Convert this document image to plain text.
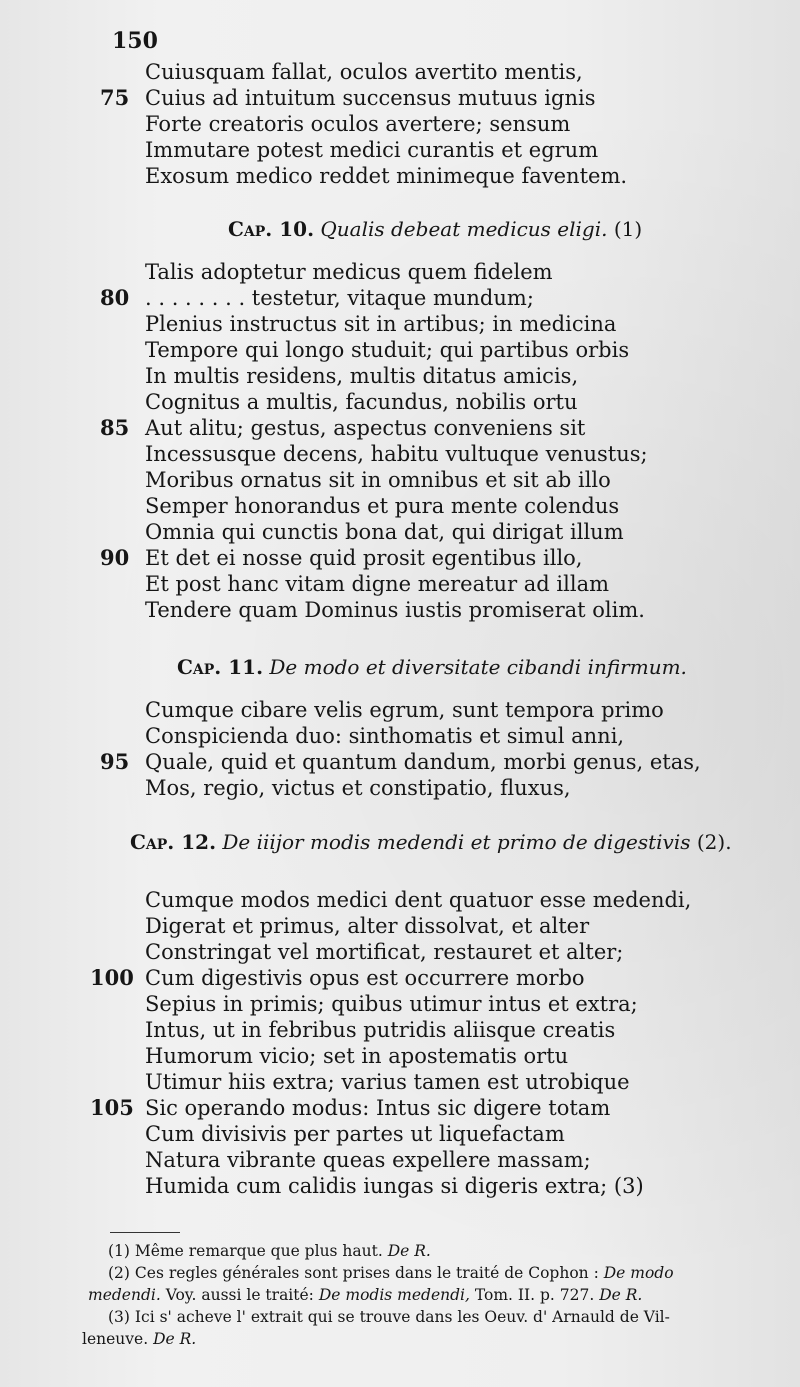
150
Cuiusquam fallat, oculos avertito mentis,
75 Cuius ad intuitum succensus mutuus ignis
Forte creatoris oculos avertere; sensum
Immutare potest medici curantis et egrum
Exosum medico reddet minimeque faventem.
Cap. 10. Qualis debeat medicus eligi. (1)
Talis adoptetur medicus quem fidelem
80 . . . . . . . . testetur, vitaque mundum;
Plenius instructus sit in artibus; in medicina
Tempore qui longo studuit; qui partibus orbis
In multis residens, multis ditatus amicis,
Cognitus a multis, facundus, nobilis ortu
85 Aut alitu; gestus, aspectus conveniens sit
Incessusque decens, habitu vultuque venustus;
Moribus ornatus sit in omnibus et sit ab illo
Semper honorandus et pura mente colendus
Omnia qui cunctis bona dat, qui dirigat illum
90 Et det ei nosse quid prosit egentibus illo,
Et post hanc vitam digne mereatur ad illam
Tendere quam Dominus iustis promiserat olim.
Cap. 11. De modo et diversitate cibandi infirmum.
Cumque cibare velis egrum, sunt tempora primo
Conspicienda duo: sinthomatis et simul anni,
95 Quale, quid et quantum dandum, morbi genus, etas,
Mos, regio, victus et constipatio, fluxus,
Cap. 12. De iiijor modis medendi et primo de digestivis (2).
Cumque modos medici dent quatuor esse medendi,
Digerat et primus, alter dissolvat, et alter
Constringat vel mortificat, restauret et alter;
100 Cum digestivis opus est occurrere morbo
Sepius in primis; quibus utimur intus et extra;
Intus, ut in febribus putridis aliisque creatis
Humorum vicio; set in apostematis ortu
Utimur hiis extra; varius tamen est utrobique
105 Sic operando modus: Intus sic digere totam
Cum divisivis per partes ut liquefactam
Natura vibrante queas expellere massam;
Humida cum calidis iungas si digeris extra; (3)
(1) Même remarque que plus haut. De R.
(2) Ces regles générales sont prises dans le traité de Cophon : De modo
medendi. Voy. aussi le traité: De modis medendi, Tom. II. p. 727. De R.
(3) Ici s' acheve l' extrait qui se trouve dans les Oeuv. d' Arnauld de Vil-
leneuve. De R.
